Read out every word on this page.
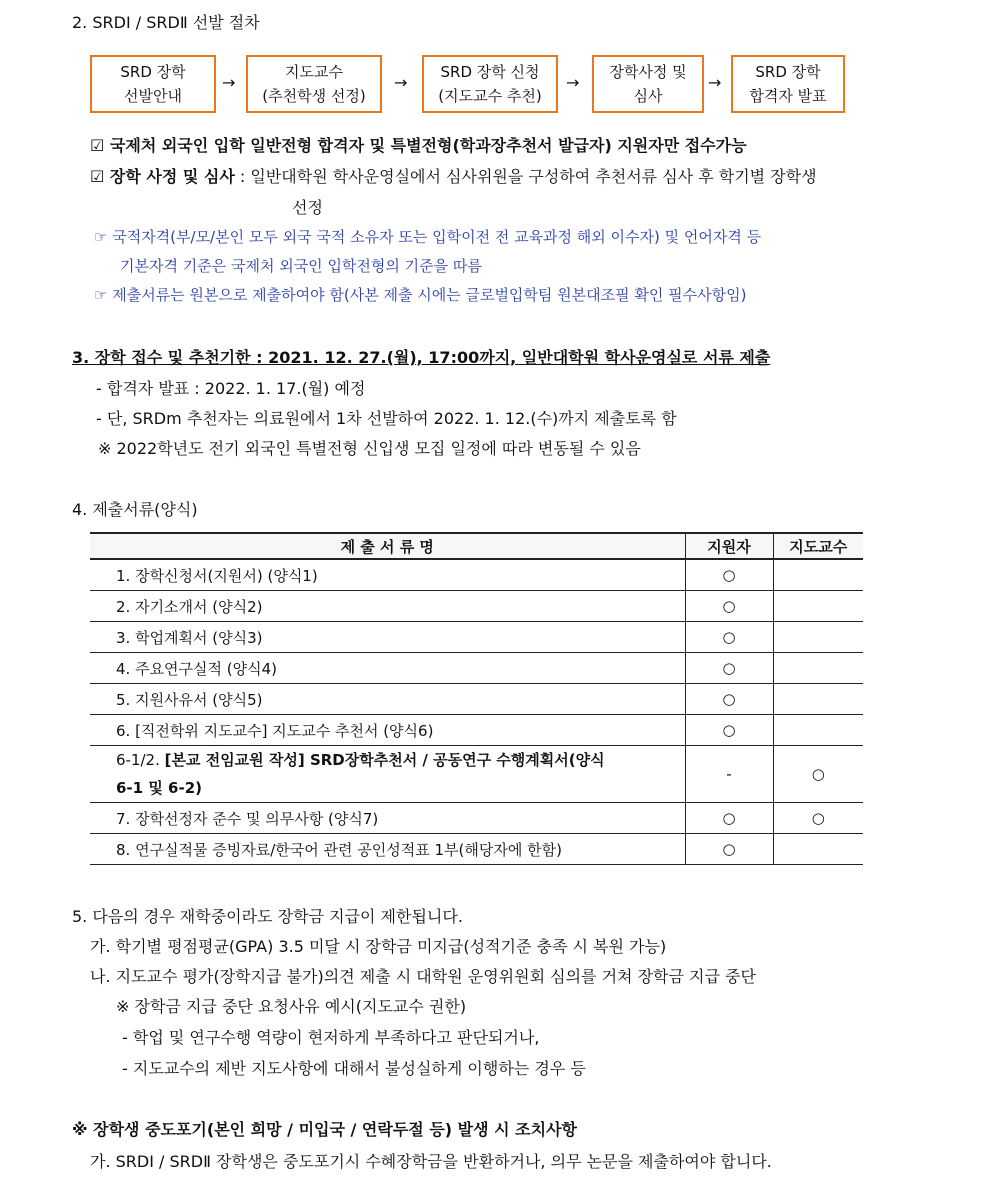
2. SRDⅠ / SRDⅡ 선발 절차
SRD 장학
선발안내
→
지도교수
(추천학생 선정)
→
SRD 장학 신청
(지도교수 추천)
→
장학사정 및
심사
→
SRD 장학
합격자 발표
☑ 국제처 외국인 입학 일반전형 합격자 및 특별전형(학과장추천서 발급자) 지원자만 접수가능
☑ 장학 사정 및 심사 : 일반대학원 학사운영실에서 심사위원을 구성하여 추천서류 심사 후 학기별 장학생
선정
☞ 국적자격(부/모/본인 모두 외국 국적 소유자 또는 입학이전 전 교육과정 해외 이수자) 및 언어자격 등
기본자격 기준은 국제처 외국인 입학전형의 기준을 따름
☞ 제출서류는 원본으로 제출하여야 함(사본 제출 시에는 글로벌입학팀 원본대조필 확인 필수사항임)
3. 장학 접수 및 추천기한 : 2021. 12. 27.(월), 17:00까지, 일반대학원 학사운영실로 서류 제출
- 합격자 발표 : 2022. 1. 17.(월) 예정
- 단, SRDm 추천자는 의료원에서 1차 선발하여 2022. 1. 12.(수)까지 제출토록 함
※ 2022학년도 전기 외국인 특별전형 신입생 모집 일정에 따라 변동될 수 있음
4. 제출서류(양식)
제 출 서 류 명	지원자	지도교수
1. 장학신청서(지원서) (양식1)	○	
2. 자기소개서 (양식2)	○	
3. 학업계획서 (양식3)	○	
4. 주요연구실적 (양식4)	○	
5. 지원사유서 (양식5)	○	
6. [직전학위 지도교수] 지도교수 추천서 (양식6)	○	
6-1/2. [본교 전임교원 작성] SRD장학추천서 / 공동연구 수행계획서(양식
6-1 및 6-2)	-	○
7. 장학선정자 준수 및 의무사항 (양식7)	○	○
8. 연구실적물 증빙자료/한국어 관련 공인성적표 1부(해당자에 한함)	○	
5. 다음의 경우 재학중이라도 장학금 지급이 제한됩니다.
가. 학기별 평점평균(GPA) 3.5 미달 시 장학금 미지급(성적기준 충족 시 복원 가능)
나. 지도교수 평가(장학지급 불가)의견 제출 시 대학원 운영위원회 심의를 거쳐 장학금 지급 중단
※ 장학금 지급 중단 요청사유 예시(지도교수 권한)
- 학업 및 연구수행 역량이 현저하게 부족하다고 판단되거나,
- 지도교수의 제반 지도사항에 대해서 불성실하게 이행하는 경우 등
※ 장학생 중도포기(본인 희망 / 미입국 / 연락두절 등) 발생 시 조치사항
가. SRDⅠ / SRDⅡ 장학생은 중도포기시 수혜장학금을 반환하거나, 의무 논문을 제출하여야 합니다.
